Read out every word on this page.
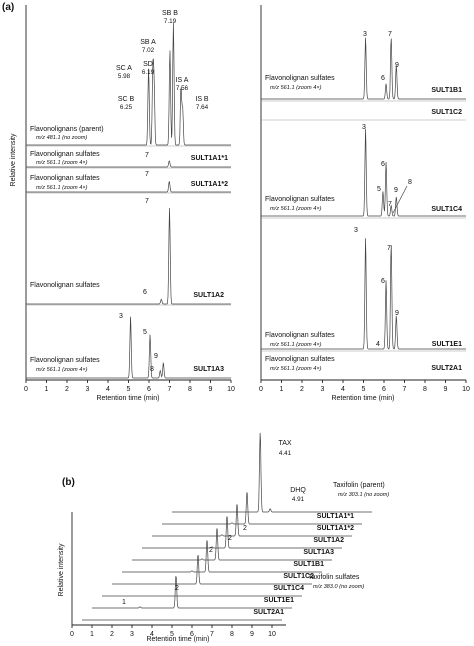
(a)
(b)
Relative intensity
Retention time (min)
0 1 2 3 4 5 6 7 8 9 10
SC B
6.25
SC A
5.98
SD
6.19
SB A
7.02
SB B
7.19
IS A
7.56
IS B
7.64
Flavonolignans (parent)
m/z 481.1 (no zoom)
Flavonolignan sulfates
m/z 561.1 (zoom 4×)
SULT1A1*1
7
Flavonolignan sulfates
m/z 561.1 (zoom 4×)	SULT1A1*2
7
Flavonolignan sulfates
SULT1A2
7
6
Flavonolignan sulfates
m/z 561.1 (zoom 4×)	SULT1A3
3
5
8
9
Retention time (min)
0 1 2 3 4 5 6 7 8 9 10
Flavonolignan sulfates
m/z 561.1 (zoom 4×)	SULT1B1
3	7
6
9
SULT1C2
Flavonolignan sulfates
m/z 561.1 (zoom 4×)	SULT1C4
3
6
5
7
9
8
Flavonolignan sulfates
m/z 561.1 (zoom 4×)	SULT1E1
3
7
6
9
4
Flavonolignan sulfates
m/z 561.1 (zoom 4×)	SULT2A1
Relative intensity
Retention time (min)
0 1 2 3 4 5 6 7 8 9 10
TAX
4.41
DHQ
4.91
Taxifolin (parent)
m/z 303.1 (no zoom)
Taxifolin sulfates
m/z 383.0 (no zoom)
SULT1A1*1
SULT1A1*2
SULT1A2
SULT1A3
SULT1B1
SULT1C2
SULT1C4
SULT1E1
SULT2A1
2
2
2
2
1
